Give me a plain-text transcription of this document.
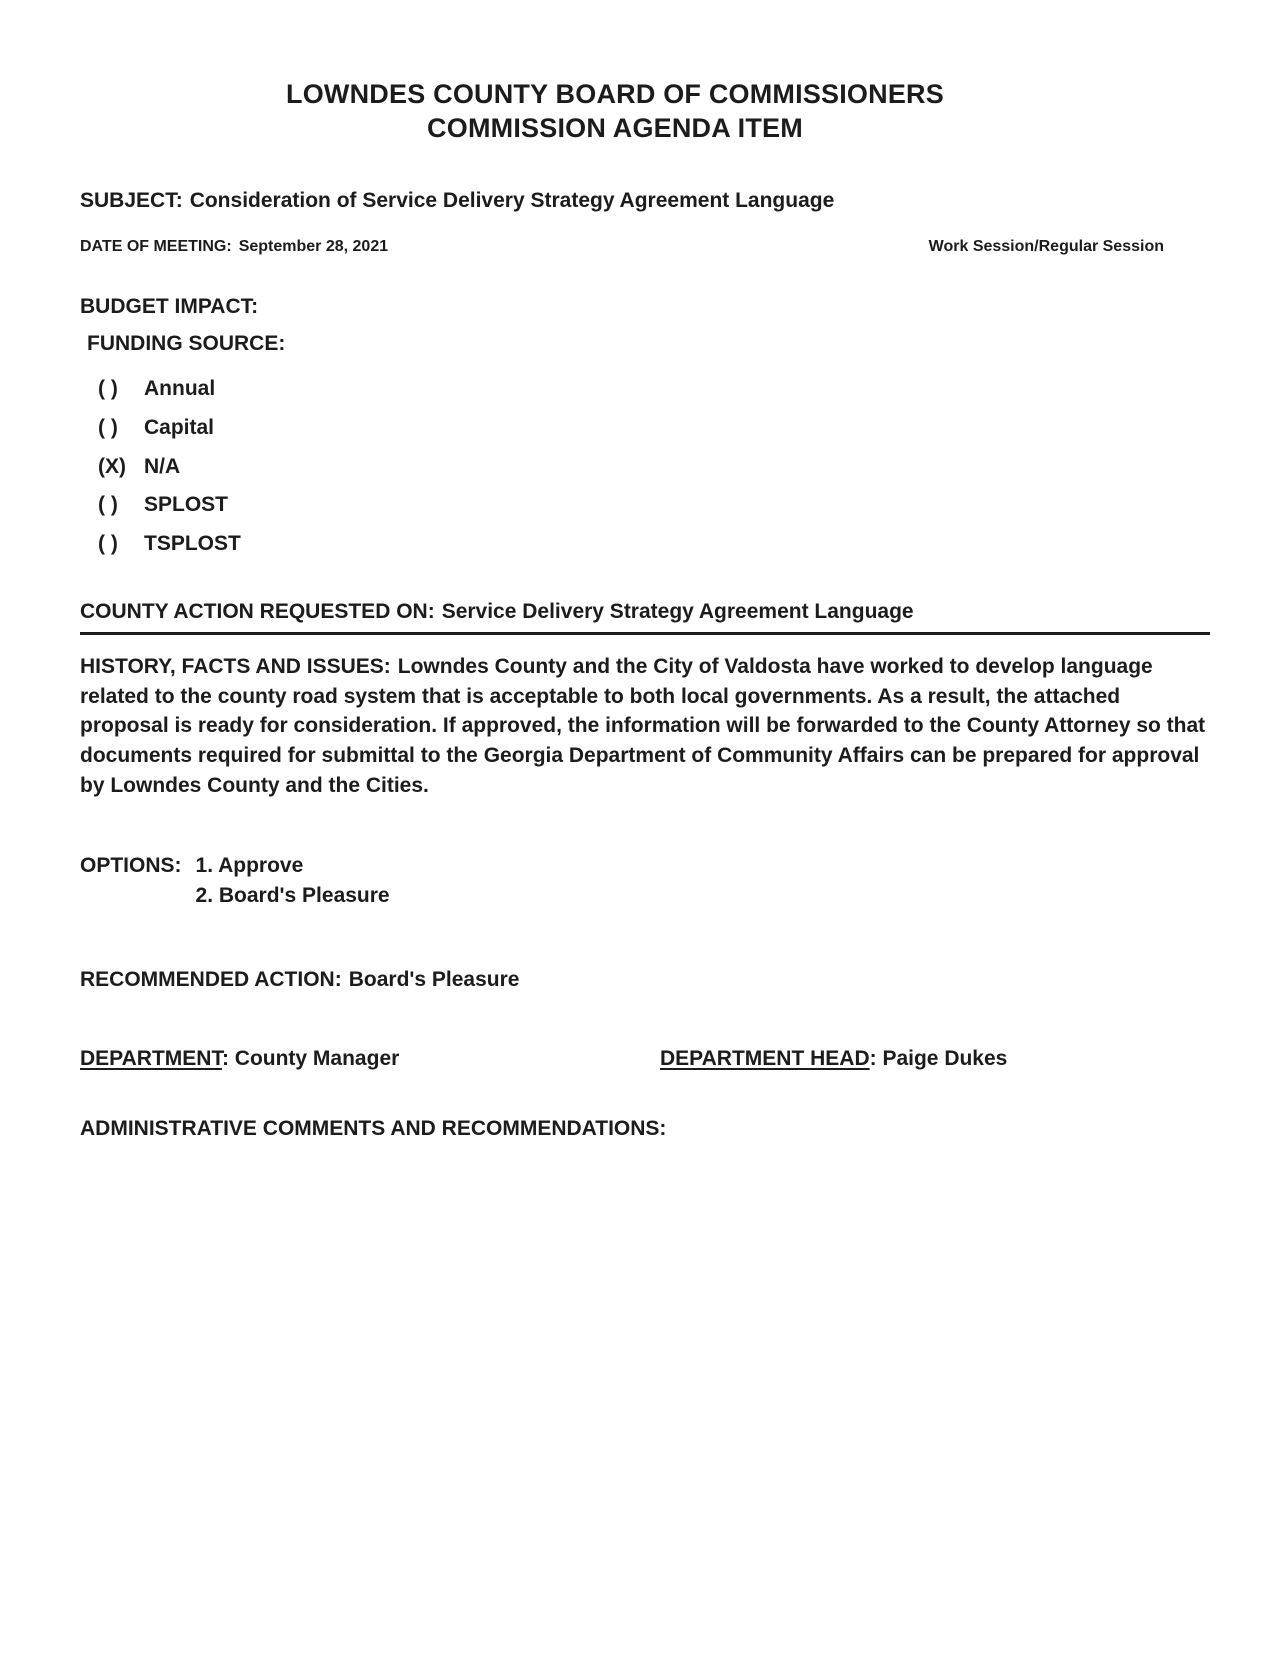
LOWNDES COUNTY BOARD OF COMMISSIONERS
COMMISSION AGENDA ITEM
SUBJECT: Consideration of Service Delivery Strategy Agreement Language
DATE OF MEETING: September 28, 2021	Work Session/Regular Session
BUDGET IMPACT:
FUNDING SOURCE:
( )	Annual
( )	Capital
(X) N/A
( )	SPLOST
( )	TSPLOST
COUNTY ACTION REQUESTED ON: Service Delivery Strategy Agreement Language
HISTORY, FACTS AND ISSUES: Lowndes County and the City of Valdosta have worked to develop language related to the county road system that is acceptable to both local governments. As a result, the attached proposal is ready for consideration. If approved, the information will be forwarded to the County Attorney so that documents required for submittal to the Georgia Department of Community Affairs can be prepared for approval by Lowndes County and the Cities.
OPTIONS: 1. Approve
2. Board's Pleasure
RECOMMENDED ACTION: Board's Pleasure
DEPARTMENT: County Manager	DEPARTMENT HEAD: Paige Dukes
ADMINISTRATIVE COMMENTS AND RECOMMENDATIONS:
